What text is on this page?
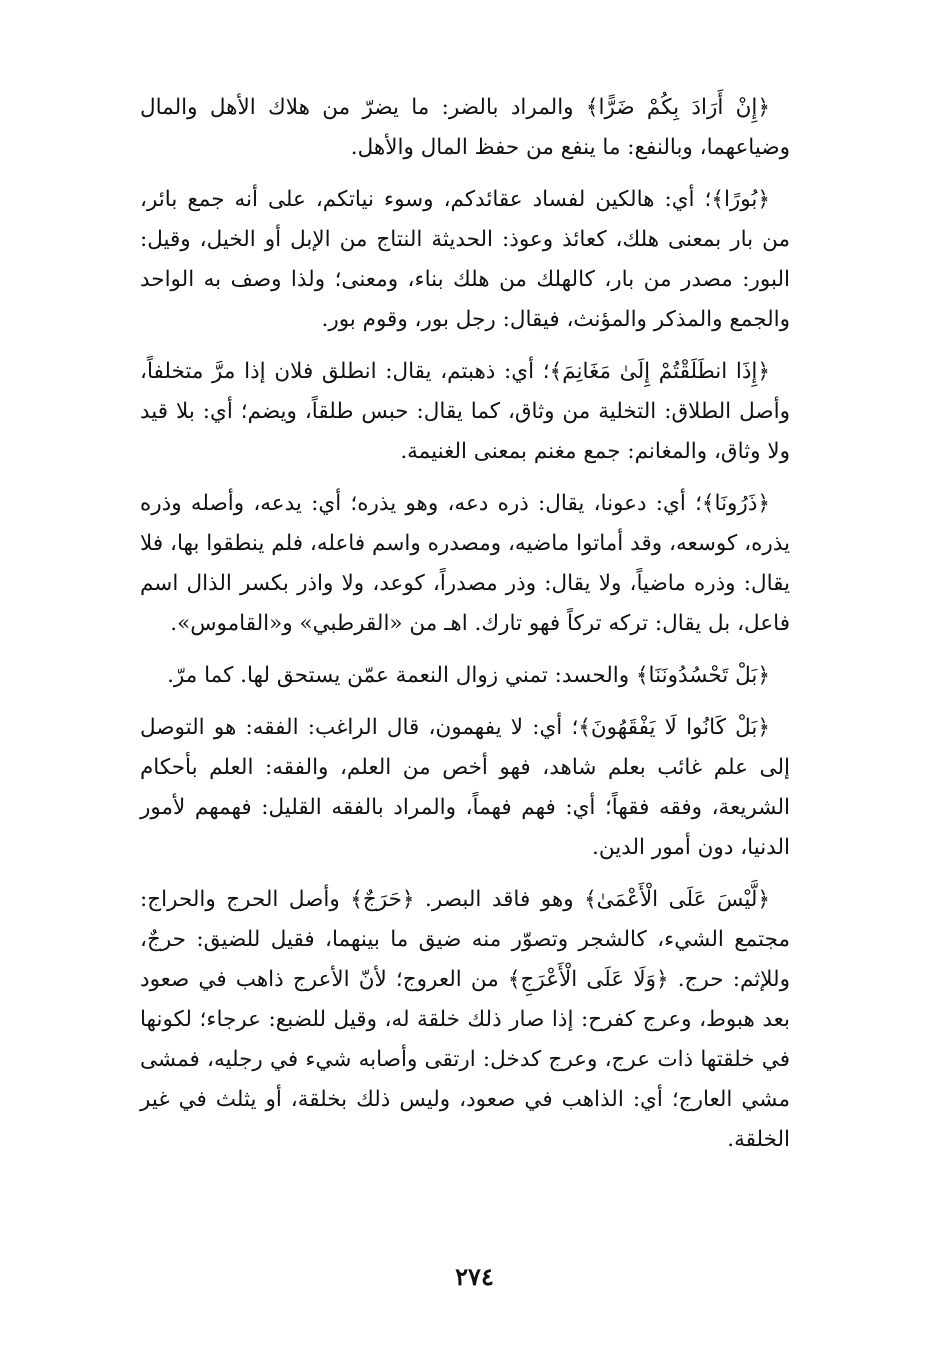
﴿إِنْ أَرَادَ بِكُمْ ضَرًّا﴾ والمراد بالضر: ما يضرّ من هلاك الأهل والمال وضياعهما، وبالنفع: ما ينفع من حفظ المال والأهل.

﴿بُورًا﴾؛ أي: هالكين لفساد عقائدكم، وسوء نياتكم، على أنه جمع بائر، من بار بمعنى هلك، كعائذ وعوذ: الحديثة النتاج من الإبل أو الخيل، وقيل: البور: مصدر من بار، كالهلك من هلك بناء، ومعنى؛ ولذا وصف به الواحد والجمع والمذكر والمؤنث، فيقال: رجل بور، وقوم بور.

﴿إِذَا انطَلَقْتُمْ إِلَىٰ مَغَانِمَ﴾؛ أي: ذهبتم، يقال: انطلق فلان إذا مرَّ متخلفاً، وأصل الطلاق: التخلية من وثاق، كما يقال: حبس طلقاً، ويضم؛ أي: بلا قيد ولا وثاق، والمغانم: جمع مغنم بمعنى الغنيمة.

﴿ذَرُونَا﴾؛ أي: دعونا، يقال: ذره دعه، وهو يذره؛ أي: يدعه، وأصله وذره يذره، كوسعه، وقد أماتوا ماضيه، ومصدره واسم فاعله، فلم ينطقوا بها، فلا يقال: وذره ماضياً، ولا يقال: وذر مصدراً، كوعد، ولا واذر بكسر الذال اسم فاعل، بل يقال: تركه تركاً فهو تارك. اهـ من «القرطبي» و«القاموس».

﴿بَلْ تَحْسُدُونَنَا﴾ والحسد: تمني زوال النعمة عمّن يستحق لها. كما مرّ.

﴿بَلْ كَانُوا لَا يَفْقَهُونَ﴾؛ أي: لا يفهمون، قال الراغب: الفقه: هو التوصل إلى علم غائب بعلم شاهد، فهو أخص من العلم، والفقه: العلم بأحكام الشريعة، وفقه فقهاً؛ أي: فهم فهماً، والمراد بالفقه القليل: فهمهم لأمور الدنيا، دون أمور الدين.

﴿لَّيْسَ عَلَى الْأَعْمَىٰ﴾ وهو فاقد البصر. ﴿حَرَجٌ﴾ وأصل الحرج والحراج: مجتمع الشيء، كالشجر وتصوّر منه ضيق ما بينهما، فقيل للضيق: حرجٌ، وللإثم: حرج. ﴿وَلَا عَلَى الْأَعْرَجِ﴾ من العروج؛ لأنّ الأعرج ذاهب في صعود بعد هبوط، وعرج كفرح: إذا صار ذلك خلقة له، وقيل للضبع: عرجاء؛ لكونها في خلقتها ذات عرج، وعرج كدخل: ارتقى وأصابه شيء في رجليه، فمشى مشي العارج؛ أي: الذاهب في صعود، وليس ذلك بخلقة، أو يثلث في غير الخلقة.

٢٧٤
